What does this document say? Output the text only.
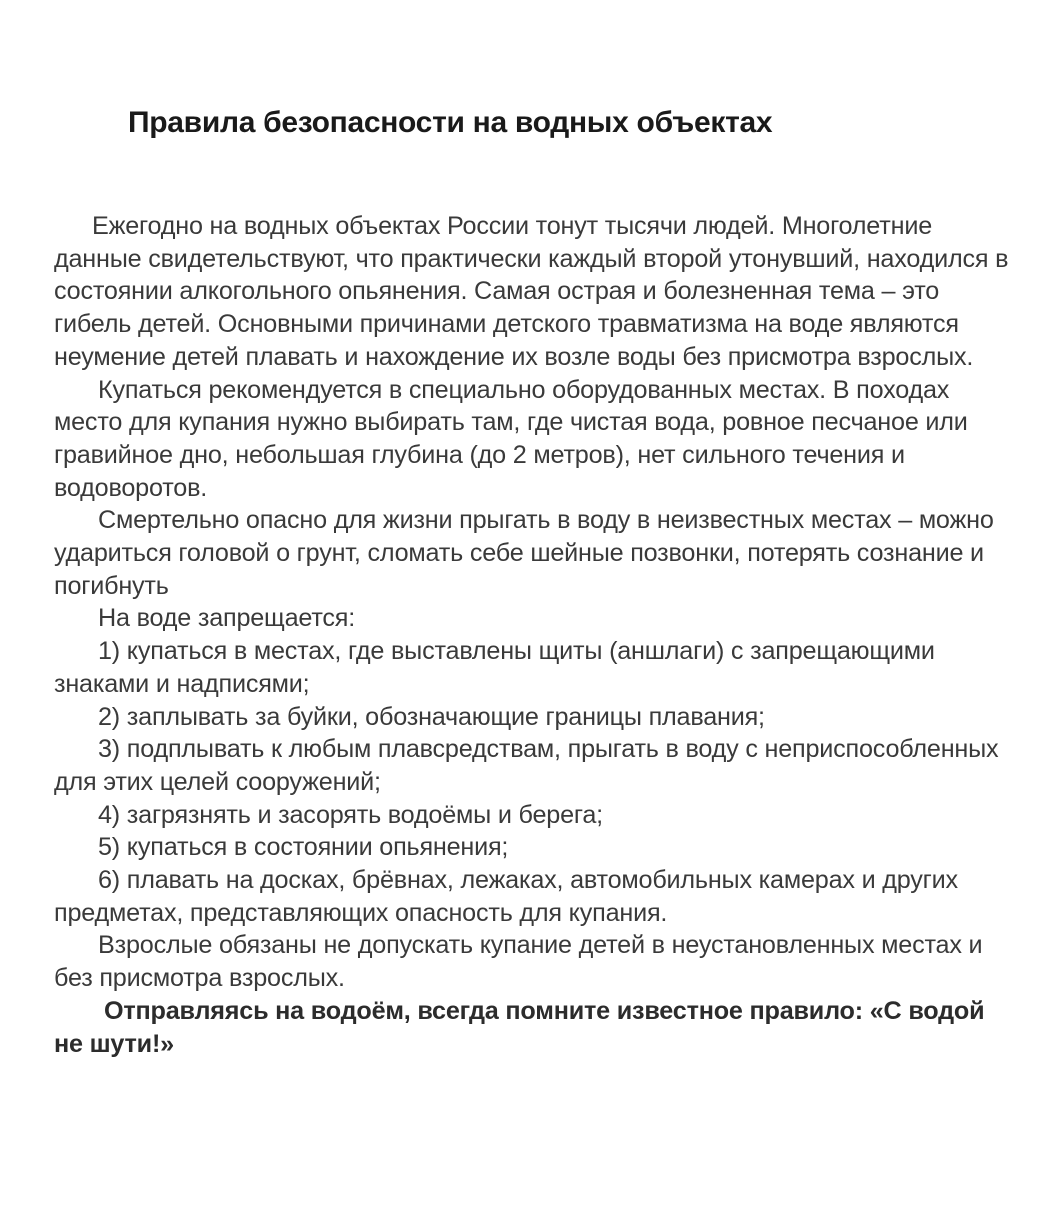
Правила безопасности на водных объектах

Ежегодно на водных объектах России тонут тысячи людей. Многолетние данные свидетельствуют, что практически каждый второй утонувший, находился в состоянии алкогольного опьянения. Самая острая и болезненная тема – это гибель детей. Основными причинами детского травматизма на воде являются неумение детей плавать и нахождение их возле воды без присмотра взрослых.

Купаться рекомендуется в специально оборудованных местах. В походах место для купания нужно выбирать там, где чистая вода, ровное песчаное или гравийное дно, небольшая глубина (до 2 метров), нет сильного течения и водоворотов.

Смертельно опасно для жизни прыгать в воду в неизвестных местах – можно удариться головой о грунт, сломать себе шейные позвонки, потерять сознание и погибнуть

На воде запрещается:

1) купаться в местах, где выставлены щиты (аншлаги) с запрещающими знаками и надписями;

2) заплывать за буйки, обозначающие границы плавания;

3) подплывать к любым плавсредствам, прыгать в воду с неприспособленных для этих целей сооружений;

4) загрязнять и засорять водоёмы и берега;

5) купаться в состоянии опьянения;

6) плавать на досках, брёвнах, лежаках, автомобильных камерах и других предметах, представляющих опасность для купания.

Взрослые обязаны не допускать купание детей в неустановленных местах и без присмотра взрослых.

Отправляясь на водоём, всегда помните известное правило: «С водой не шути!»
